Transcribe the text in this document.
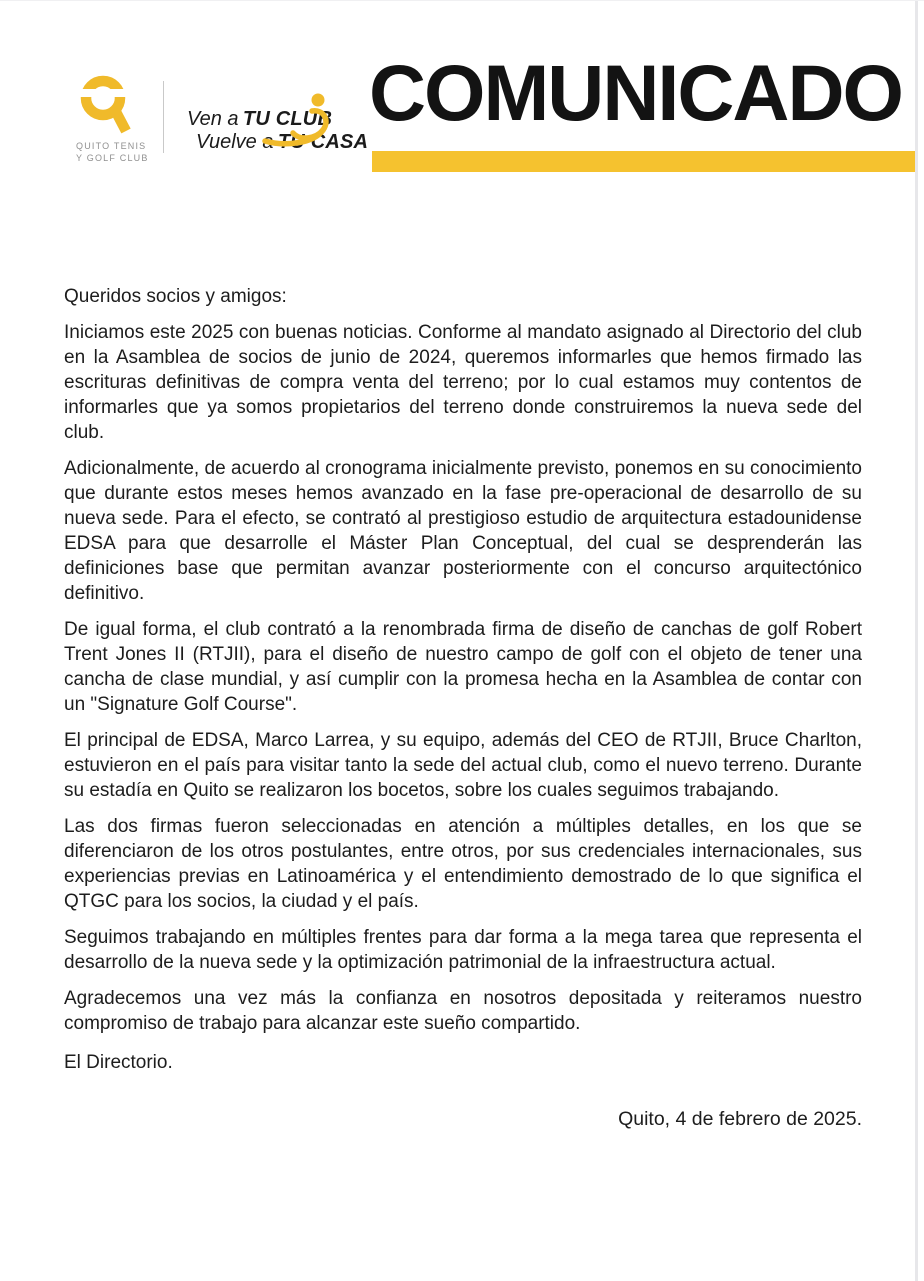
QUITO TENIS
Y GOLF CLUB
Ven a TU CLUB
Vuelve a TU CASA
COMUNICADO

Queridos socios y amigos:

Iniciamos este 2025 con buenas noticias. Conforme al mandato asignado al Directorio del club en la Asamblea de socios de junio de 2024, queremos informarles que hemos firmado las escrituras definitivas de compra venta del terreno; por lo cual estamos muy contentos de informarles que ya somos propietarios del terreno donde construiremos la nueva sede del club.

Adicionalmente, de acuerdo al cronograma inicialmente previsto, ponemos en su conocimiento que durante estos meses hemos avanzado en la fase pre-operacional de desarrollo de su nueva sede. Para el efecto, se contrató al prestigioso estudio de arquitectura estadounidense EDSA para que desarrolle el Máster Plan Conceptual, del cual se desprenderán las definiciones base que permitan avanzar posteriormente con el concurso arquitectónico definitivo.

De igual forma, el club contrató a la renombrada firma de diseño de canchas de golf Robert Trent Jones II (RTJII), para el diseño de nuestro campo de golf con el objeto de tener una cancha de clase mundial, y así cumplir con la promesa hecha en la Asamblea de contar con un "Signature Golf Course".

El principal de EDSA, Marco Larrea, y su equipo, además del CEO de RTJII, Bruce Charlton, estuvieron en el país para visitar tanto la sede del actual club, como el nuevo terreno. Durante su estadía en Quito se realizaron los bocetos, sobre los cuales seguimos trabajando.

Las dos firmas fueron seleccionadas en atención a múltiples detalles, en los que se diferenciaron de los otros postulantes, entre otros, por sus credenciales internacionales, sus experiencias previas en Latinoamérica y el entendimiento demostrado de lo que significa el QTGC para los socios, la ciudad y el país.

Seguimos trabajando en múltiples frentes para dar forma a la mega tarea que representa el desarrollo de la nueva sede y la optimización patrimonial de la infraestructura actual.

Agradecemos una vez más la confianza en nosotros depositada y reiteramos nuestro compromiso de trabajo para alcanzar este sueño compartido.

El Directorio.

Quito, 4 de febrero de 2025.
